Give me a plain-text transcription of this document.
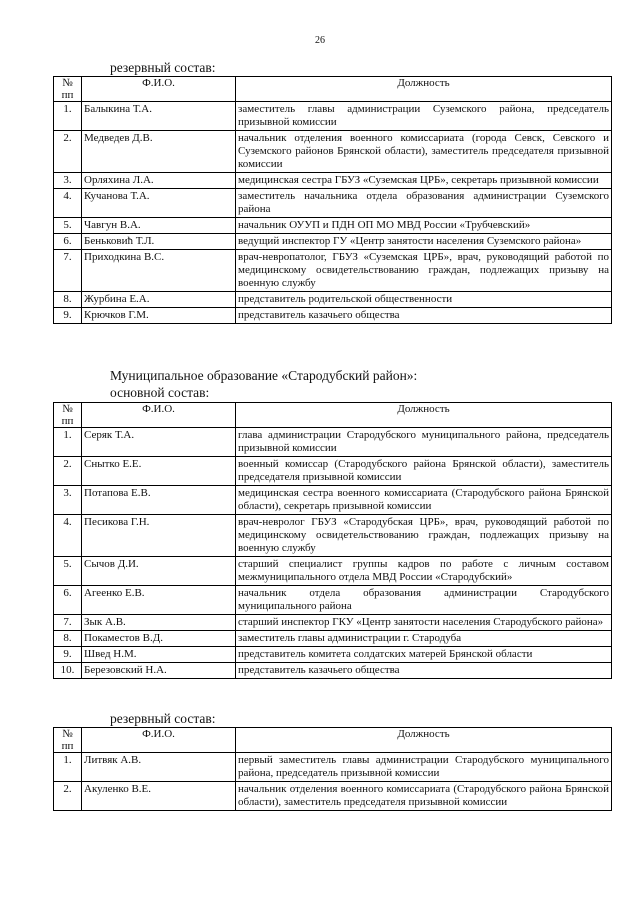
26
резервный состав:
№ пп	Ф.И.О.	Должность
1.	Балыкина Т.А.	заместитель главы администрации Суземского района, председатель призывной комиссии
2.	Медведев Д.В.	начальник отделения военного комиссариата (города Севск, Севского и Суземского районов Брянской области), заместитель председателя призывной комиссии
3.	Орляхина Л.А.	медицинская сестра ГБУЗ «Суземская ЦРБ», секретарь призывной комиссии
4.	Кучанова Т.А.	заместитель начальника отдела образования администрации Суземского района
5.	Чавгун В.А.	начальник ОУУП и ПДН ОП МО МВД России «Трубчевский»
6.	Беньковић Т.Л.	ведущий инспектор ГУ «Центр занятости населения Суземского района»
7.	Приходкина В.С.	врач-невропатолог, ГБУЗ «Суземская ЦРБ», врач, руководящий работой по медицинскому освидетельствованию граждан, подлежащих призыву на военную службу
8.	Журбина Е.А.	представитель родительской общественности
9.	Крючков Г.М.	представитель казачьего общества
Муниципальное образование «Стародубский район»:
основной состав:
№ пп	Ф.И.О.	Должность
1.	Серяк Т.А.	глава администрации Стародубского муниципального района, председатель призывной комиссии
2.	Снытко Е.Е.	военный комиссар (Стародубского района Брянской области), заместитель председателя призывной комиссии
3.	Потапова Е.В.	медицинская сестра военного комиссариата (Стародубского района Брянской области), секретарь призывной комиссии
4.	Песикова Г.Н.	врач-невролог ГБУЗ «Стародубская ЦРБ», врач, руководящий работой по медицинскому освидетельствованию граждан, подлежащих призыву на военную службу
5.	Сычов Д.И.	старший специалист группы кадров по работе с личным составом межмуниципального отдела МВД России «Стародубский»
6.	Агеенко Е.В.	начальник отдела образования администрации Стародубского муниципального района
7.	Зык А.В.	старший инспектор ГКУ «Центр занятости населения Стародубского района»
8.	Покаместов В.Д.	заместитель главы администрации г. Стародуба
9.	Швед Н.М.	представитель комитета солдатских матерей Брянской области
10.	Березовский Н.А.	представитель казачьего общества
резервный состав:
№ пп	Ф.И.О.	Должность
1.	Литвяк А.В.	первый заместитель главы администрации Стародубского муниципального района, председатель призывной комиссии
2.	Акуленко В.Е.	начальник отделения военного комиссариата (Стародубского района Брянской области), заместитель председателя призывной комиссии
